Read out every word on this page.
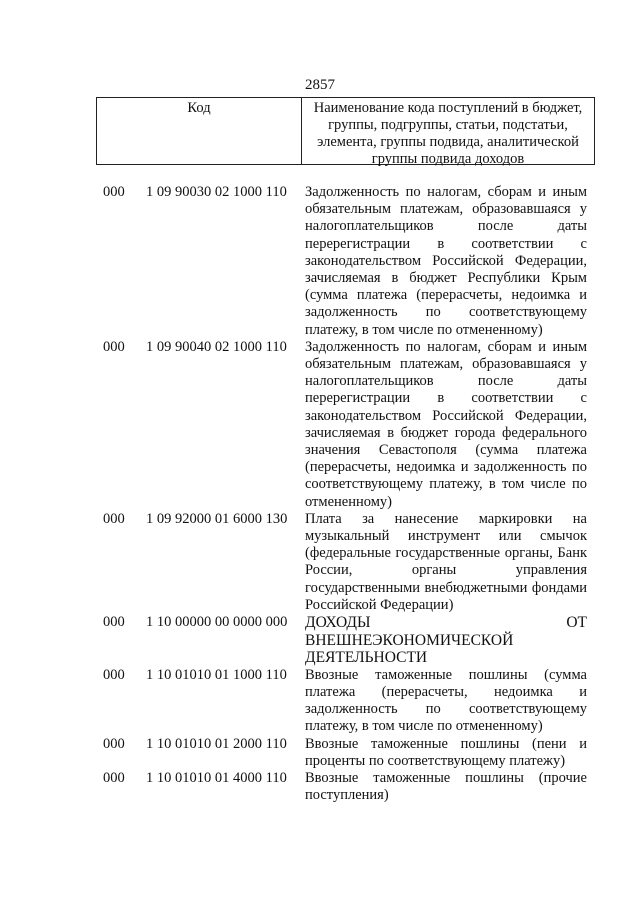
2857
Код	Наименование кода поступлений в бюджет, группы, подгруппы, статьи, подстатьи, элемента, группы подвида, аналитической группы подвида доходов
000 1 09 90030 02 1000 110 Задолженность по налогам, сборам и иным обязательным платежам, образовавшаяся у налогоплательщиков после даты перерегистрации в соответствии с законодательством Российской Федерации, зачисляемая в бюджет Республики Крым (сумма платежа (перерасчеты, недоимка и задолженность по соответствующему платежу, в том числе по отмененному)
000 1 09 90040 02 1000 110 Задолженность по налогам, сборам и иным обязательным платежам, образовавшаяся у налогоплательщиков после даты перерегистрации в соответствии с законодательством Российской Федерации, зачисляемая в бюджет города федерального значения Севастополя (сумма платежа (перерасчеты, недоимка и задолженность по соответствующему платежу, в том числе по отмененному)
000 1 09 92000 01 6000 130 Плата за нанесение маркировки на музыкальный инструмент или смычок (федеральные государственные органы, Банк России, органы управления государственными внебюджетными фондами Российской Федерации)
000 1 10 00000 00 0000 000 ДОХОДЫ ОТ ВНЕШНЕЭКОНОМИЧЕСКОЙ ДЕЯТЕЛЬНОСТИ
000 1 10 01010 01 1000 110 Ввозные таможенные пошлины (сумма платежа (перерасчеты, недоимка и задолженность по соответствующему платежу, в том числе по отмененному)
000 1 10 01010 01 2000 110 Ввозные таможенные пошлины (пени и проценты по соответствующему платежу)
000 1 10 01010 01 4000 110 Ввозные таможенные пошлины (прочие поступления)
